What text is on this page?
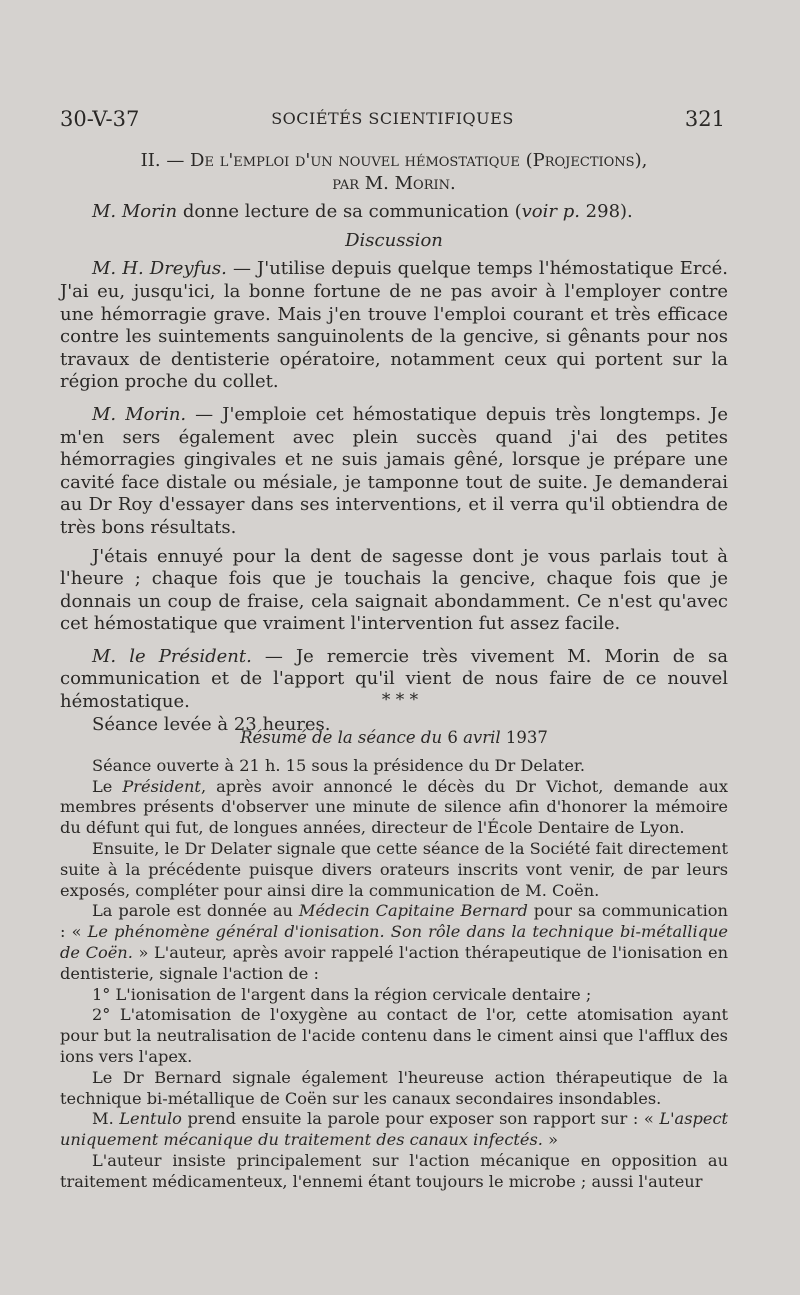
30-V-37	SOCIÉTÉS SCIENTIFIQUES	321

II. — De l'emploi d'un nouvel hémostatique (Projections),

par M. Morin.

M. Morin donne lecture de sa communication (voir p. 298).

Discussion

M. H. Dreyfus. — J'utilise depuis quelque temps l'hémostatique Ercé. J'ai eu, jusqu'ici, la bonne fortune de ne pas avoir à l'employer contre une hémorragie grave. Mais j'en trouve l'emploi courant et très efficace contre les suintements sanguinolents de la gencive, si gênants pour nos travaux de dentisterie opératoire, notamment ceux qui portent sur la région proche du collet.

M. Morin. — J'emploie cet hémostatique depuis très longtemps. Je m'en sers également avec plein succès quand j'ai des petites hémorragies gingivales et ne suis jamais gêné, lorsque je prépare une cavité face distale ou mésiale, je tamponne tout de suite. Je demanderai au Dr Roy d'essayer dans ses interventions, et il verra qu'il obtiendra de très bons résultats.

J'étais ennuyé pour la dent de sagesse dont je vous parlais tout à l'heure ; chaque fois que je touchais la gencive, chaque fois que je donnais un coup de fraise, cela saignait abondamment. Ce n'est qu'avec cet hémostatique que vraiment l'intervention fut assez facile.

M. le Président. — Je remercie très vivement M. Morin de sa communication et de l'apport qu'il vient de nous faire de ce nouvel hémostatique.

Séance levée à 23 heures.

* * *

Résumé de la séance du 6 avril 1937

Séance ouverte à 21 h. 15 sous la présidence du Dr Delater.

Le Président, après avoir annoncé le décès du Dr Vichot, demande aux membres présents d'observer une minute de silence afin d'honorer la mémoire du défunt qui fut, de longues années, directeur de l'École Dentaire de Lyon.

Ensuite, le Dr Delater signale que cette séance de la Société fait directement suite à la précédente puisque divers orateurs inscrits vont venir, de par leurs exposés, compléter pour ainsi dire la communication de M. Coën.

La parole est donnée au Médecin Capitaine Bernard pour sa communication : « Le phénomène général d'ionisation. Son rôle dans la technique bi-métallique de Coën. » L'auteur, après avoir rappelé l'action thérapeutique de l'ionisation en dentisterie, signale l'action de :

1° L'ionisation de l'argent dans la région cervicale dentaire ;

2° L'atomisation de l'oxygène au contact de l'or, cette atomisation ayant pour but la neutralisation de l'acide contenu dans le ciment ainsi que l'afflux des ions vers l'apex.

Le Dr Bernard signale également l'heureuse action thérapeutique de la technique bi-métallique de Coën sur les canaux secondaires insondables.

M. Lentulo prend ensuite la parole pour exposer son rapport sur : « L'aspect uniquement mécanique du traitement des canaux infectés. »

L'auteur insiste principalement sur l'action mécanique en opposition au traitement médicamenteux, l'ennemi étant toujours le microbe ; aussi l'auteur
